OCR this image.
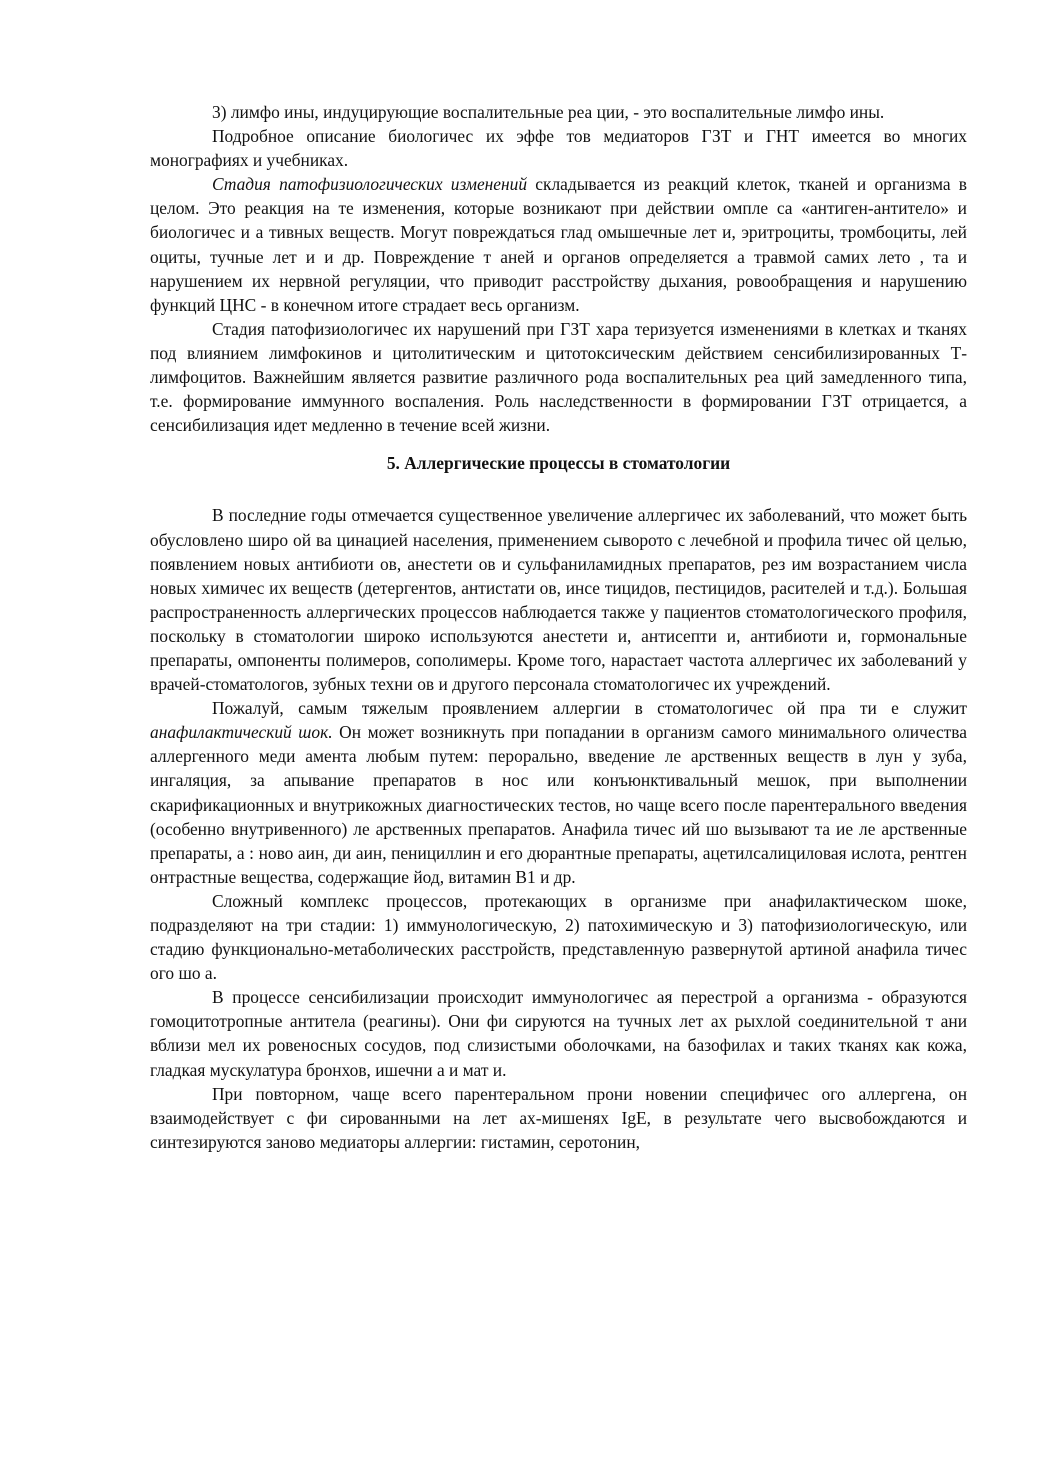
3) лимфо ины, индуцирующие воспалительные реа ции, - это воспалительные лимфо ины.

Подробное описание биологичес их эффе тов медиаторов ГЗТ и ГНТ имеется во многих монографиях и учебниках.

Стадия патофизиологических изменений складывается из реакций клеток, тканей и организма в целом. Это реакция на те изменения, которые возникают при действии омпле са «антиген-антитело» и биологичес и а тивных веществ. Могут повреждаться глад омышечные лет и, эритроциты, тромбоциты, лей оциты, тучные лет и и др. Повреждение т аней и органов определяется а травмой самих лето , та и нарушением их нервной регуляции, что приводит расстройству дыхания, ровообращения и нарушению функций ЦНС - в конечном итоге страдает весь организм.

Стадия патофизиологичес их нарушений при ГЗТ хара теризуется изменениями в клетках и тканях под влиянием лимфокинов и цитолитическим и цитотоксическим действием сенсибилизированных Т-лимфоцитов. Важнейшим является развитие различного рода воспалительных реа ций замедленного типа, т.е. формирование иммунного воспаления. Роль наследственности в формировании ГЗТ отрицается, а сенсибилизация идет медленно в течение всей жизни.

5. Аллергические процессы в стоматологии

В последние годы отмечается существенное увеличение аллергичес их заболеваний, что может быть обусловлено широ ой ва цинацией населения, применением сыворото с лечебной и профила тичес ой целью, появлением новых антибиоти ов, анестети ов и сульфаниламидных препаратов, рез им возрастанием числа новых химичес их веществ (детергентов, антистати ов, инсе тицидов, пестицидов, расителей и т.д.). Большая распространенность аллергических процессов наблюдается также у пациентов стоматологического профиля, поскольку в стоматологии широко используются анестети и, антисепти и, антибиоти и, гормональные препараты, омпоненты полимеров, сополимеры. Кроме того, нарастает частота аллергичес их заболеваний у врачей-стоматологов, зубных техни ов и другого персонала стоматологичес их учреждений.

Пожалуй, самым тяжелым проявлением аллергии в стоматологичес ой пра ти е служит анафилактический шок. Он может возникнуть при попадании в организм самого минимального оличества аллергенного меди амента любым путем: перорально, введение ле арственных веществ в лун у зуба, ингаляция, за апывание препаратов в нос или конъюнктивальный мешок, при выполнении скарификационных и внутрикожных диагностических тестов, но чаще всего после парентерального введения (особенно внутривенного) ле арственных препаратов. Анафила тичес ий шо вызывают та ие ле арственные препараты, а : ново аин, ди аин, пенициллин и его дюрантные препараты, ацетилсалициловая ислота, рентген онтрастные вещества, содержащие йод, витамин В1 и др.

Сложный комплекс процессов, протекающих в организме при анафилактическом шоке, подразделяют на три стадии: 1) иммунологическую, 2) патохимическую и 3) патофизиологическую, или стадию функционально-метаболических расстройств, представленную развернутой артиной анафила тичес ого шо а.

В процессе сенсибилизации происходит иммунологичес ая перестрой а организма - образуются гомоцитотропные антитела (реагины). Они фи сируются на тучных лет ах рыхлой соединительной т ани вблизи мел их ровеносных сосудов, под слизистыми оболочками, на базофилах и таких тканях как кожа, гладкая мускулатура бронхов, ишечни а и мат и.

При повторном, чаще всего парентеральном прони новении специфичес ого аллергена, он взаимодействует с фи сированными на лет ах-мишенях IgE, в результате чего высвобождаются и синтезируются заново медиаторы аллергии: гистамин, серотонин,
